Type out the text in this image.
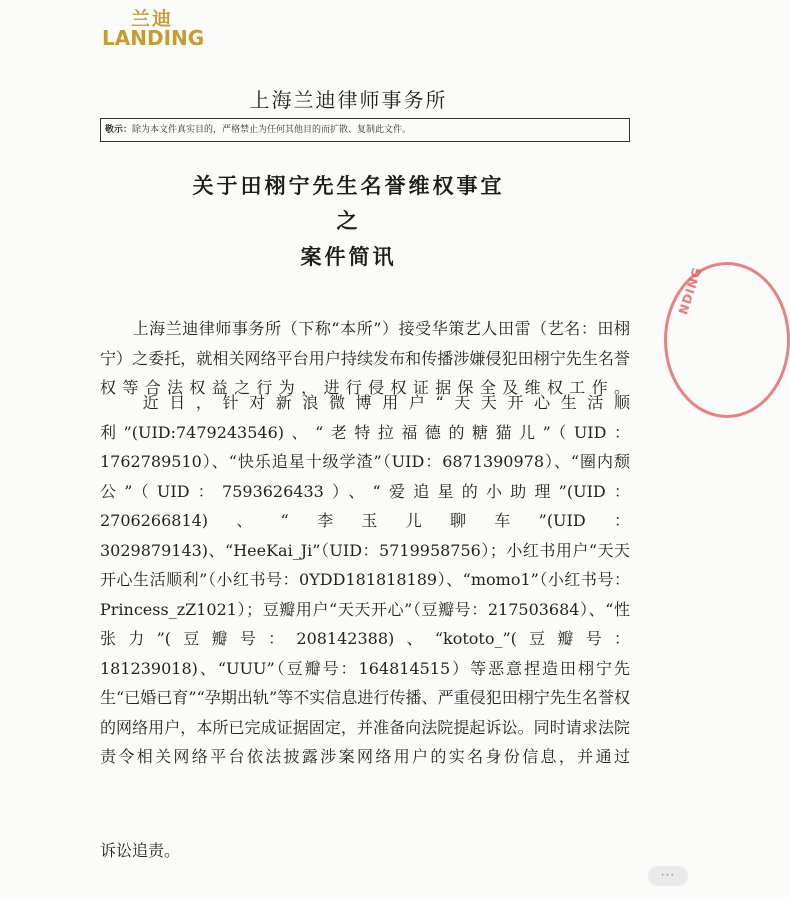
兰迪
LANDING
上海兰迪律师事务所
敬示：除为本文件真实目的，严格禁止为任何其他目的而扩散、复制此文件。
关于田栩宁先生名誉维权事宜
之
案件简讯
上海兰迪律师事务所（下称“本所”）接受华策艺人田雷（艺名：田栩宁）之委托，就相关网络平台用户持续发布和传播涉嫌侵犯田栩宁先生名誉权等合法权益之行为，进行侵权证据保全及维权工作。
近日，针对新浪微博用户“天天开心生活顺利”(UID:7479243546)、“老特拉福德的糖猫儿”（UID：1762789510）、“快乐追星十级学渣”（UID：6871390978）、“圈内颓公”（UID：7593626433）、“爱追星的小助理”(UID：2706266814)、“李玉儿聊车”(UID：3029879143)、“HeeKai_Ji”（UID：5719958756）；小红书用户“天天开心生活顺利”（小红书号：0YDD181818189）、“momo1”（小红书号：Princess_zZ1021）；豆瓣用户“天天开心”（豆瓣号：217503684）、“性张力”(豆瓣号：208142388)、“kototo_”(豆瓣号：181239018)、“UUU”（豆瓣号：164814515）等恶意捏造田栩宁先生“已婚已育”“孕期出轨”等不实信息进行传播、严重侵犯田栩宁先生名誉权的网络用户，本所已完成证据固定，并准备向法院提起诉讼。同时请求法院责令相关网络平台依法披露涉案网络用户的实名身份信息，并通过
诉讼追责。
NDING
···
